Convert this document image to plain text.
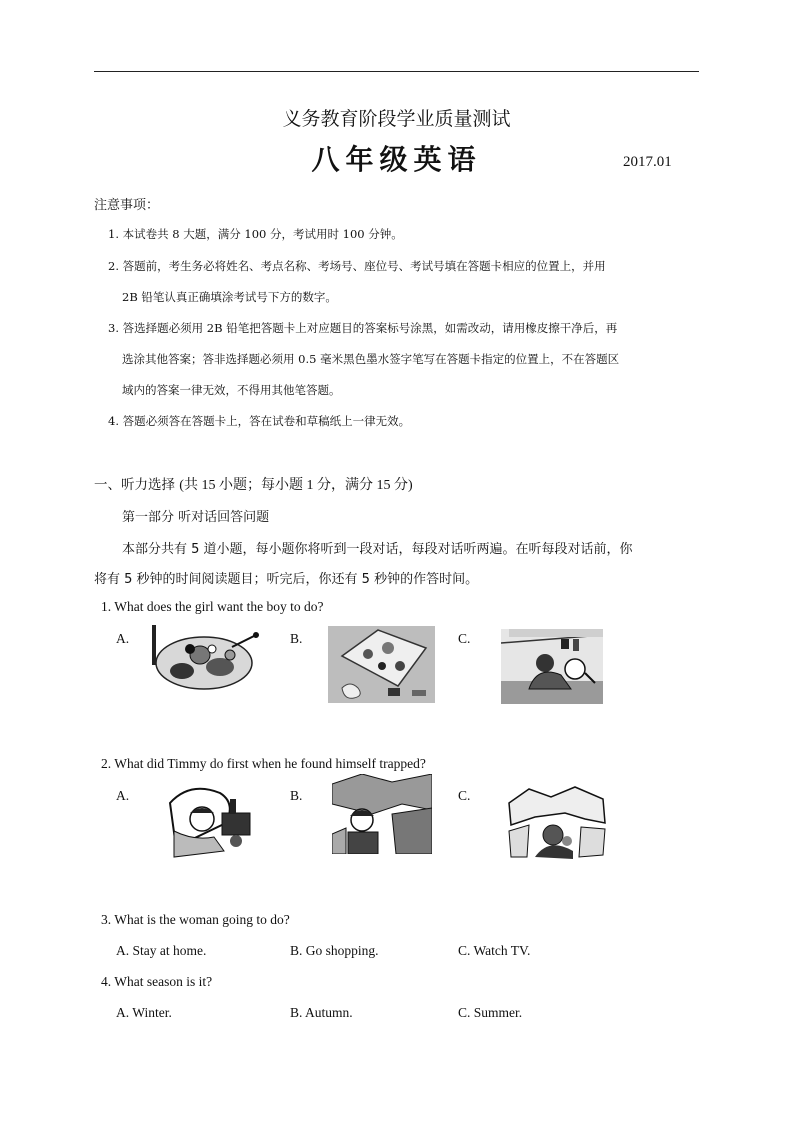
义务教育阶段学业质量测试
八年级英语	2017.01
注意事项：
1. 本试卷共 8 大题，满分 100 分，考试用时 100 分钟。
2. 答题前，考生务必将姓名、考点名称、考场号、座位号、考试号填在答题卡相应的位置上，并用
2B 铅笔认真正确填涂考试号下方的数字。
3. 答选择题必须用 2B 铅笔把答题卡上对应题目的答案标号涂黑，如需改动，请用橡皮擦干净后，再
选涂其他答案；答非选择题必须用 0.5 毫米黑色墨水签字笔写在答题卡指定的位置上，不在答题区
域内的答案一律无效，不得用其他笔答题。
4. 答题必须答在答题卡上，答在试卷和草稿纸上一律无效。
一、听力选择 (共 15 小题；每小题 1 分，满分 15 分)
第一部分 听对话回答问题
本部分共有 5 道小题，每小题你将听到一段对话，每段对话听两遍。在听每段对话前，你
将有 5 秒钟的时间阅读题目；听完后，你还有 5 秒钟的作答时间。
1. What does the girl want the boy to do?
A.	B.	C.
2. What did Timmy do first when he found himself trapped?
A.	B.	C.
3. What is the woman going to do?
A. Stay at home.	B. Go shopping.	C. Watch TV.
4. What season is it?
A. Winter.	B. Autumn.	C. Summer.
